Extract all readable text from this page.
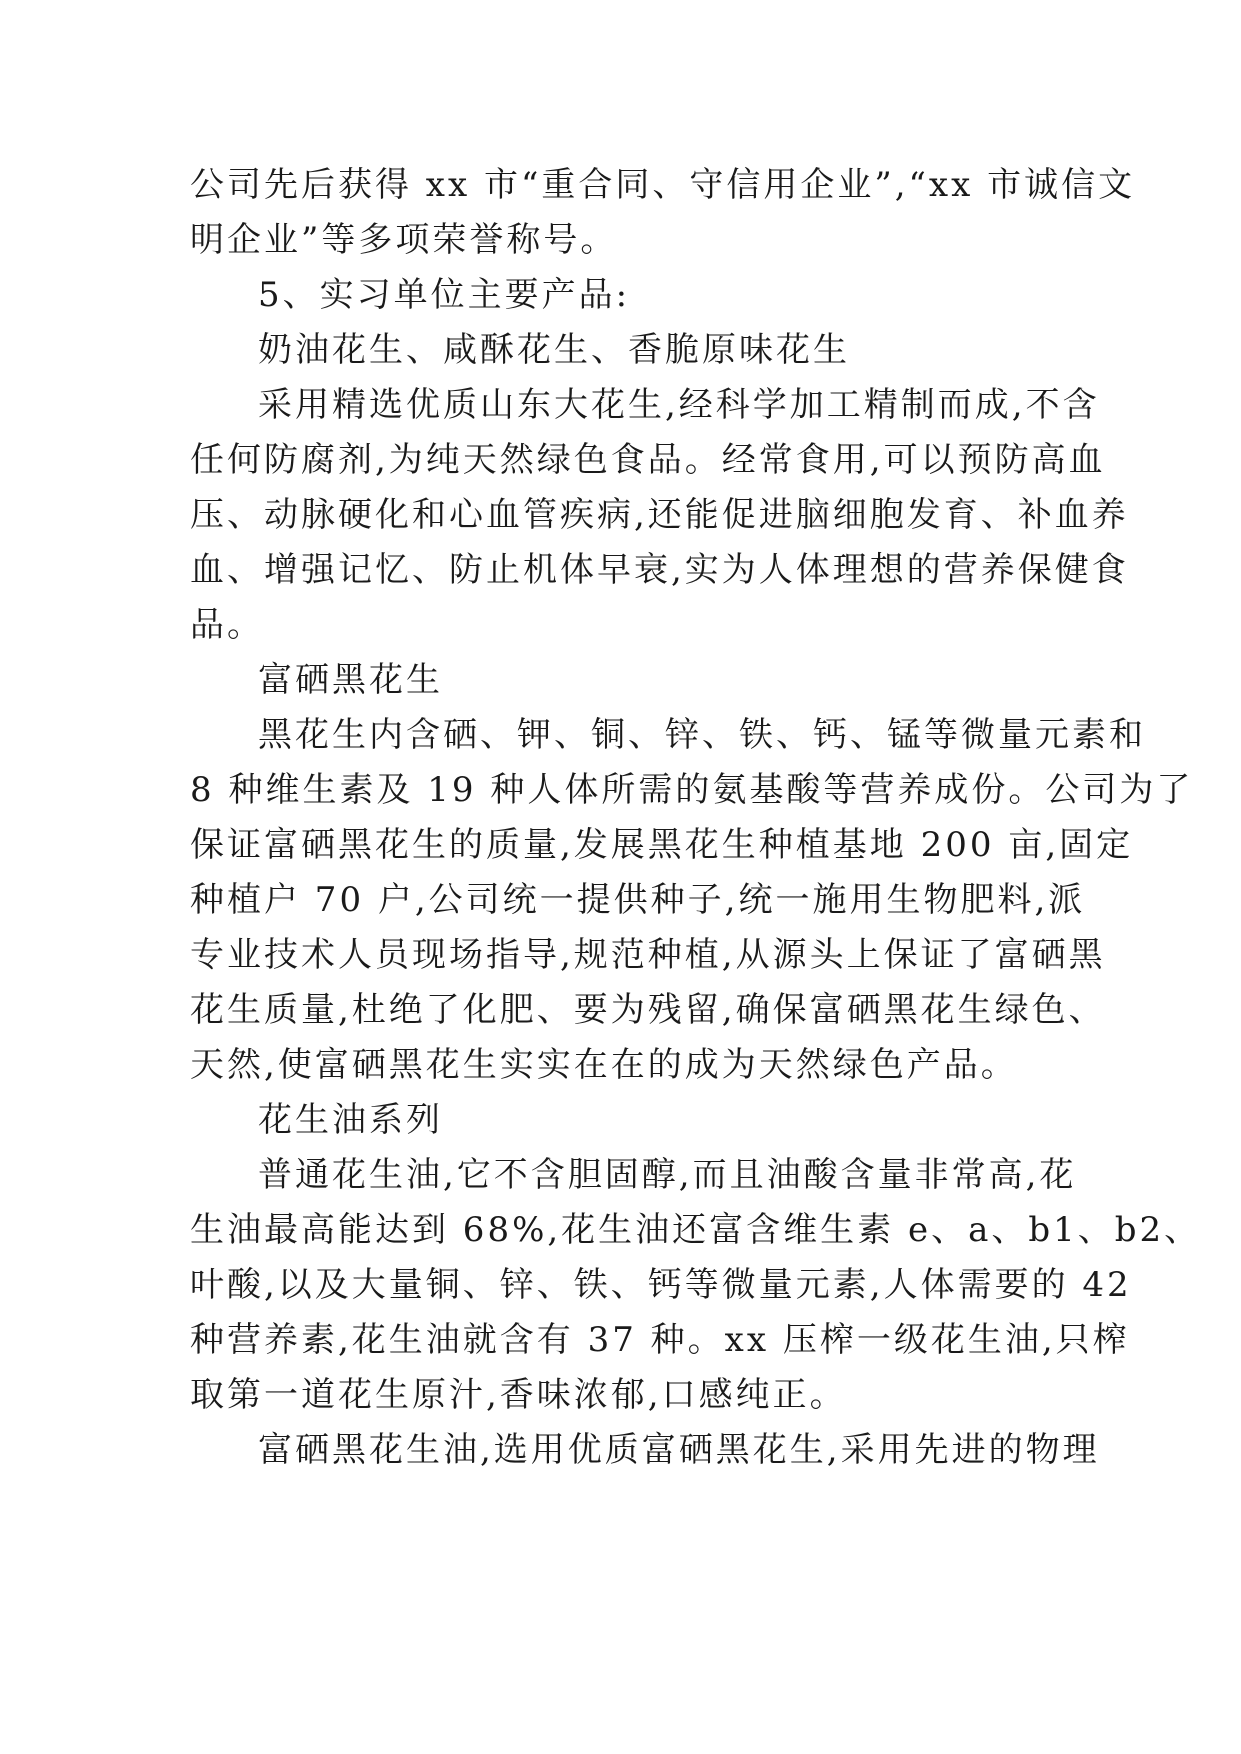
公司先后获得 xx 市“重合同、守信用企业”,“xx 市诚信文
明企业”等多项荣誉称号。
5、实习单位主要产品:
奶油花生、咸酥花生、香脆原味花生
采用精选优质山东大花生,经科学加工精制而成,不含
任何防腐剂,为纯天然绿色食品。经常食用,可以预防高血
压、动脉硬化和心血管疾病,还能促进脑细胞发育、补血养
血、增强记忆、防止机体早衰,实为人体理想的营养保健食
品。
富硒黑花生
黑花生内含硒、钾、铜、锌、铁、钙、锰等微量元素和
8 种维生素及 19 种人体所需的氨基酸等营养成份。公司为了
保证富硒黑花生的质量,发展黑花生种植基地 200 亩,固定
种植户 70 户,公司统一提供种子,统一施用生物肥料,派
专业技术人员现场指导,规范种植,从源头上保证了富硒黑
花生质量,杜绝了化肥、要为残留,确保富硒黑花生绿色、
天然,使富硒黑花生实实在在的成为天然绿色产品。
花生油系列
普通花生油,它不含胆固醇,而且油酸含量非常高,花
生油最高能达到 68%,花生油还富含维生素 e、a、b1、b2、
叶酸,以及大量铜、锌、铁、钙等微量元素,人体需要的 42
种营养素,花生油就含有 37 种。xx 压榨一级花生油,只榨
取第一道花生原汁,香味浓郁,口感纯正。
富硒黑花生油,选用优质富硒黑花生,采用先进的物理
